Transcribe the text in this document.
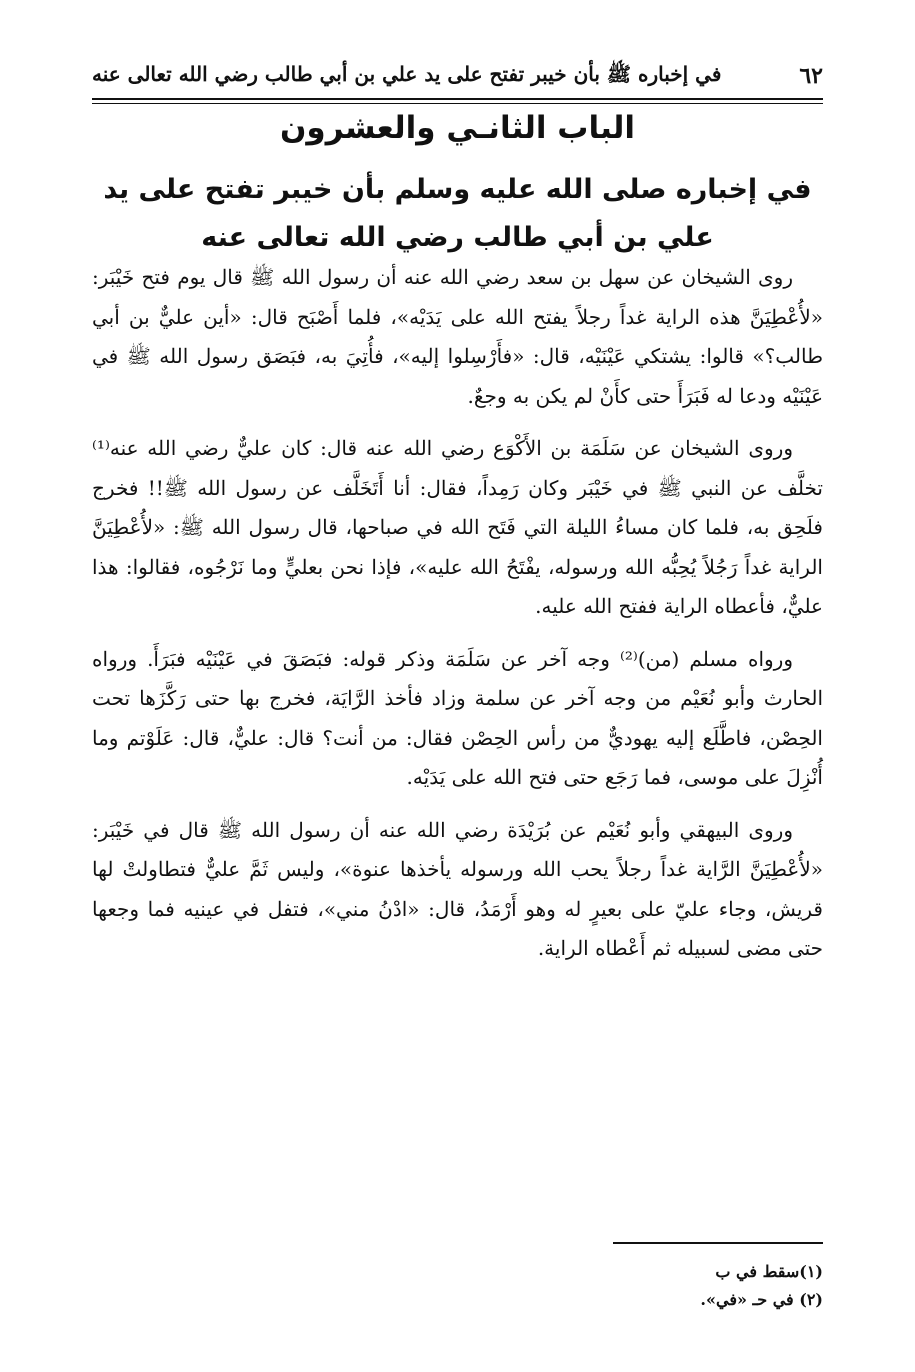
٦٢
في إخباره ﷺ بأن خيبر تفتح على يد علي بن أبي طالب رضي الله تعالى عنه
الباب الثانـي والعشرون
في إخباره صلى الله عليه وسلم بأن خيبر تفتح على يد علي بن أبي طالب رضي الله تعالى عنه

روى الشيخان عن سهل بن سعد رضي الله عنه أن رسول الله ﷺ قال يوم فتح خَيْبَر: «لأُعْطِيَنَّ هذه الراية غداً رجلاً يفتح الله على يَدَيْه»، فلما أَصْبَح قال: «أين عليٌّ بن أبي طالب؟» قالوا: يشتكي عَيْنَيْه، قال: «فأَرْسِلوا إليه»، فأُتِيَ به، فبَصَق رسول الله ﷺ في عَيْنَيْه ودعا له فَبَرَأَ حتى كأَنْ لم يكن به وجعٌ.

وروى الشيخان عن سَلَمَة بن الأَكْوَع رضي الله عنه قال: كان عليٌّ رضي الله عنه⁽¹⁾ تخلَّف عن النبي ﷺ في خَيْبَر وكان رَمِداً، فقال: أنا أَتَخَلَّف عن رسول الله ﷺ!! فخرج فلَحِق به، فلما كان مساءُ الليلة التي فَتَح الله في صباحها، قال رسول الله ﷺ: «لأُعْطِيَنَّ الراية غداً رَجُلاً يُحِبُّه الله ورسوله، يفْتَحُ الله عليه»، فإذا نحن بعليٍّ وما نَرْجُوه، فقالوا: هذا عليٌّ، فأعطاه الراية ففتح الله عليه.

ورواه مسلم (من)⁽²⁾ وجه آخر عن سَلَمَة وذكر قوله: فبَصَقَ في عَيْنَيْه فبَرَأَ. ورواه الحارث وأبو نُعَيْم من وجه آخر عن سلمة وزاد فأخذ الرَّايَة، فخرج بها حتى رَكَّزَها تحت الحِصْن، فاطَّلَع إليه يهوديٌّ من رأس الحِصْن فقال: من أنت؟ قال: عليٌّ، قال: عَلَوْتم وما أُنْزِلَ على موسى، فما رَجَع حتى فتح الله على يَدَيْه.

وروى البيهقي وأبو نُعَيْم عن بُرَيْدَة رضي الله عنه أن رسول الله ﷺ قال في خَيْبَر: «لأُعْطِيَنَّ الرَّاية غداً رجلاً يحب الله ورسوله يأخذها عنوة»، وليس ثَمَّ عليٌّ فتطاولتْ لها قريش، وجاء عليّ على بعيرٍ له وهو أَرْمَدُ، قال: «ادْنُ مني»، فتفل في عينيه فما وجعها حتى مضى لسبيله ثم أَعْطاه الراية.

(١)سقط في ب
(٢) في حـ «في».
